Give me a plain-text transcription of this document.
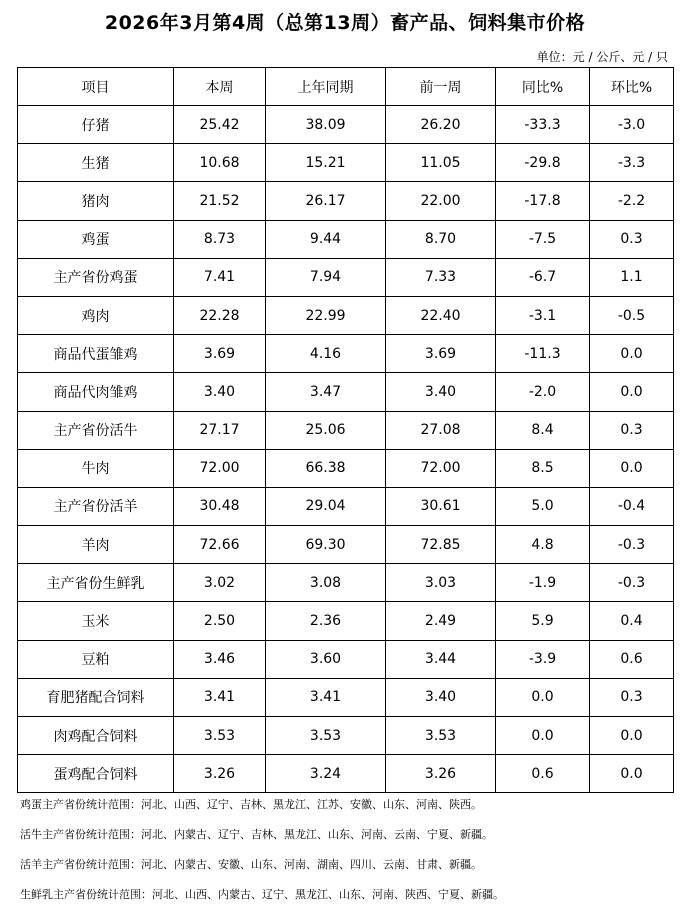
2026年3月第4周（总第13周）畜产品、饲料集市价格
单位：元 / 公斤、元 / 只
项目	本周	上年同期	前一周	同比%	环比%
仔猪	25.42	38.09	26.20	-33.3	-3.0
生猪	10.68	15.21	11.05	-29.8	-3.3
猪肉	21.52	26.17	22.00	-17.8	-2.2
鸡蛋	8.73	9.44	8.70	-7.5	0.3
主产省份鸡蛋	7.41	7.94	7.33	-6.7	1.1
鸡肉	22.28	22.99	22.40	-3.1	-0.5
商品代蛋雏鸡	3.69	4.16	3.69	-11.3	0.0
商品代肉雏鸡	3.40	3.47	3.40	-2.0	0.0
主产省份活牛	27.17	25.06	27.08	8.4	0.3
牛肉	72.00	66.38	72.00	8.5	0.0
主产省份活羊	30.48	29.04	30.61	5.0	-0.4
羊肉	72.66	69.30	72.85	4.8	-0.3
主产省份生鲜乳	3.02	3.08	3.03	-1.9	-0.3
玉米	2.50	2.36	2.49	5.9	0.4
豆粕	3.46	3.60	3.44	-3.9	0.6
育肥猪配合饲料	3.41	3.41	3.40	0.0	0.3
肉鸡配合饲料	3.53	3.53	3.53	0.0	0.0
蛋鸡配合饲料	3.26	3.24	3.26	0.6	0.0
鸡蛋主产省份统计范围：河北、山西、辽宁、吉林、黑龙江、江苏、安徽、山东、河南、陕西。
活牛主产省份统计范围：河北、内蒙古、辽宁、吉林、黑龙江、山东、河南、云南、宁夏、新疆。
活羊主产省份统计范围：河北、内蒙古、安徽、山东、河南、湖南、四川、云南、甘肃、新疆。
生鲜乳主产省份统计范围：河北、山西、内蒙古、辽宁、黑龙江、山东、河南、陕西、宁夏、新疆。
